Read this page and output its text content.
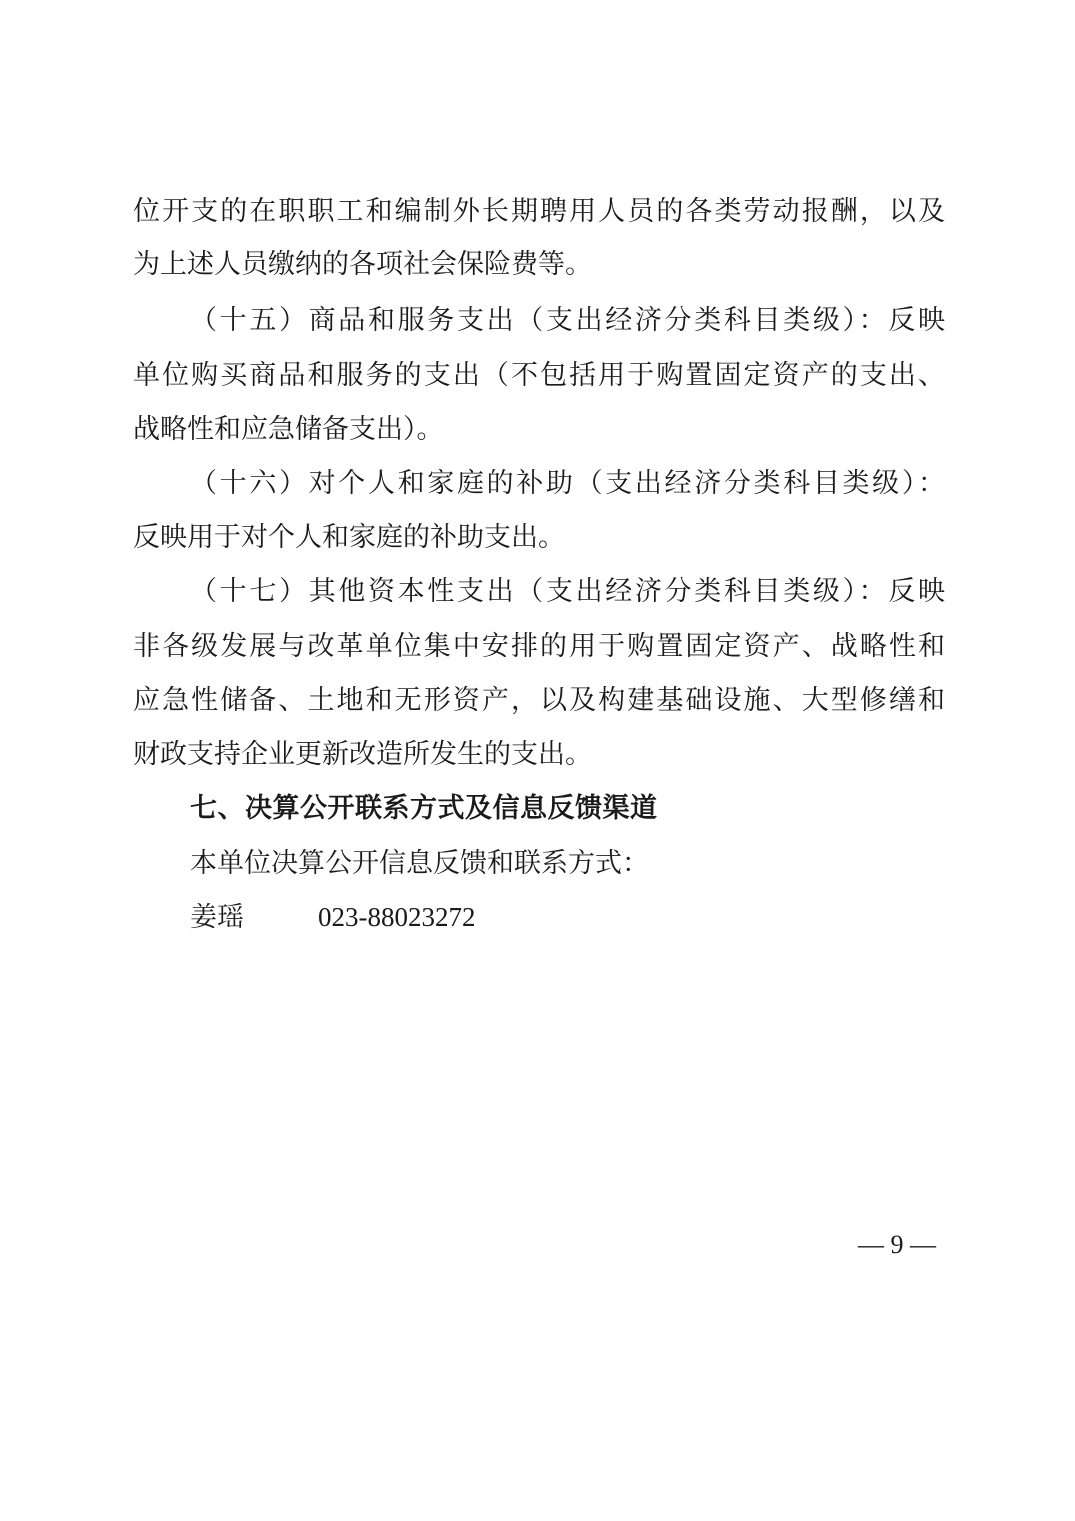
位开支的在职职工和编制外长期聘用人员的各类劳动报酬，以及
为上述人员缴纳的各项社会保险费等。
（十五）商品和服务支出（支出经济分类科目类级）：反映
单位购买商品和服务的支出（不包括用于购置固定资产的支出、
战略性和应急储备支出）。
（十六）对个人和家庭的补助（支出经济分类科目类级）：
反映用于对个人和家庭的补助支出。
（十七）其他资本性支出（支出经济分类科目类级）：反映
非各级发展与改革单位集中安排的用于购置固定资产、战略性和
应急性储备、土地和无形资产，以及构建基础设施、大型修缮和
财政支持企业更新改造所发生的支出。
七、决算公开联系方式及信息反馈渠道
本单位决算公开信息反馈和联系方式：
姜瑶	023-88023272
— 9 —
